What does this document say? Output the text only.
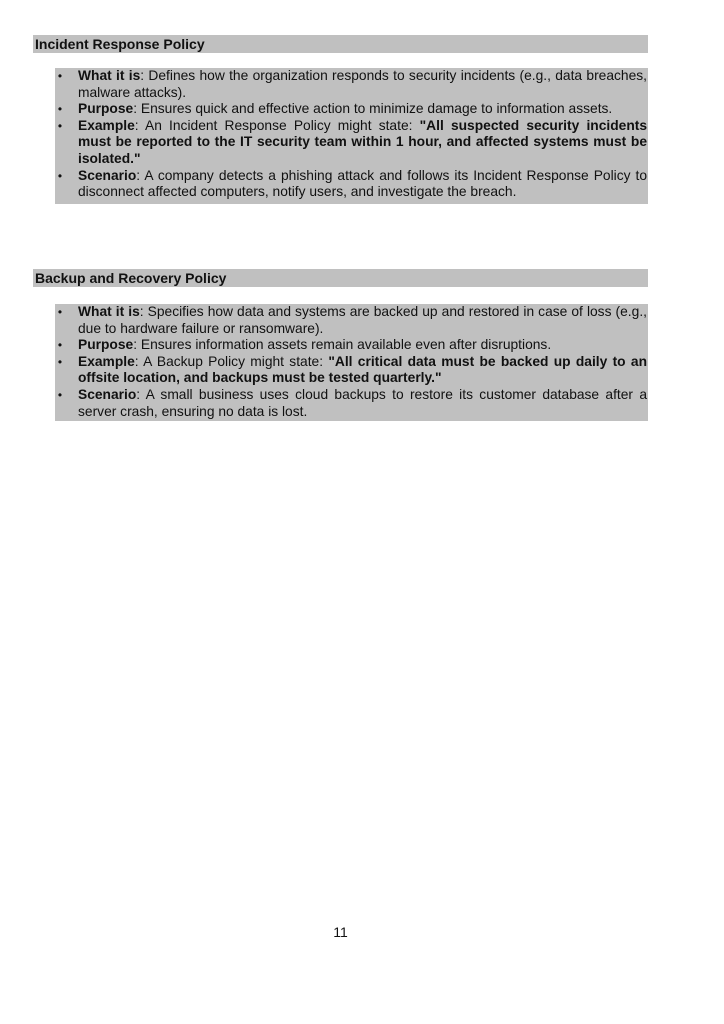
Incident Response Policy
• What it is: Defines how the organization responds to security incidents (e.g., data breaches, malware attacks).
• Purpose: Ensures quick and effective action to minimize damage to information assets.
• Example: An Incident Response Policy might state: "All suspected security incidents must be reported to the IT security team within 1 hour, and affected systems must be isolated."
• Scenario: A company detects a phishing attack and follows its Incident Response Policy to disconnect affected computers, notify users, and investigate the breach.
Backup and Recovery Policy
• What it is: Specifies how data and systems are backed up and restored in case of loss (e.g., due to hardware failure or ransomware).
• Purpose: Ensures information assets remain available even after disruptions.
• Example: A Backup Policy might state: "All critical data must be backed up daily to an offsite location, and backups must be tested quarterly."
• Scenario: A small business uses cloud backups to restore its customer database after a server crash, ensuring no data is lost.
11
